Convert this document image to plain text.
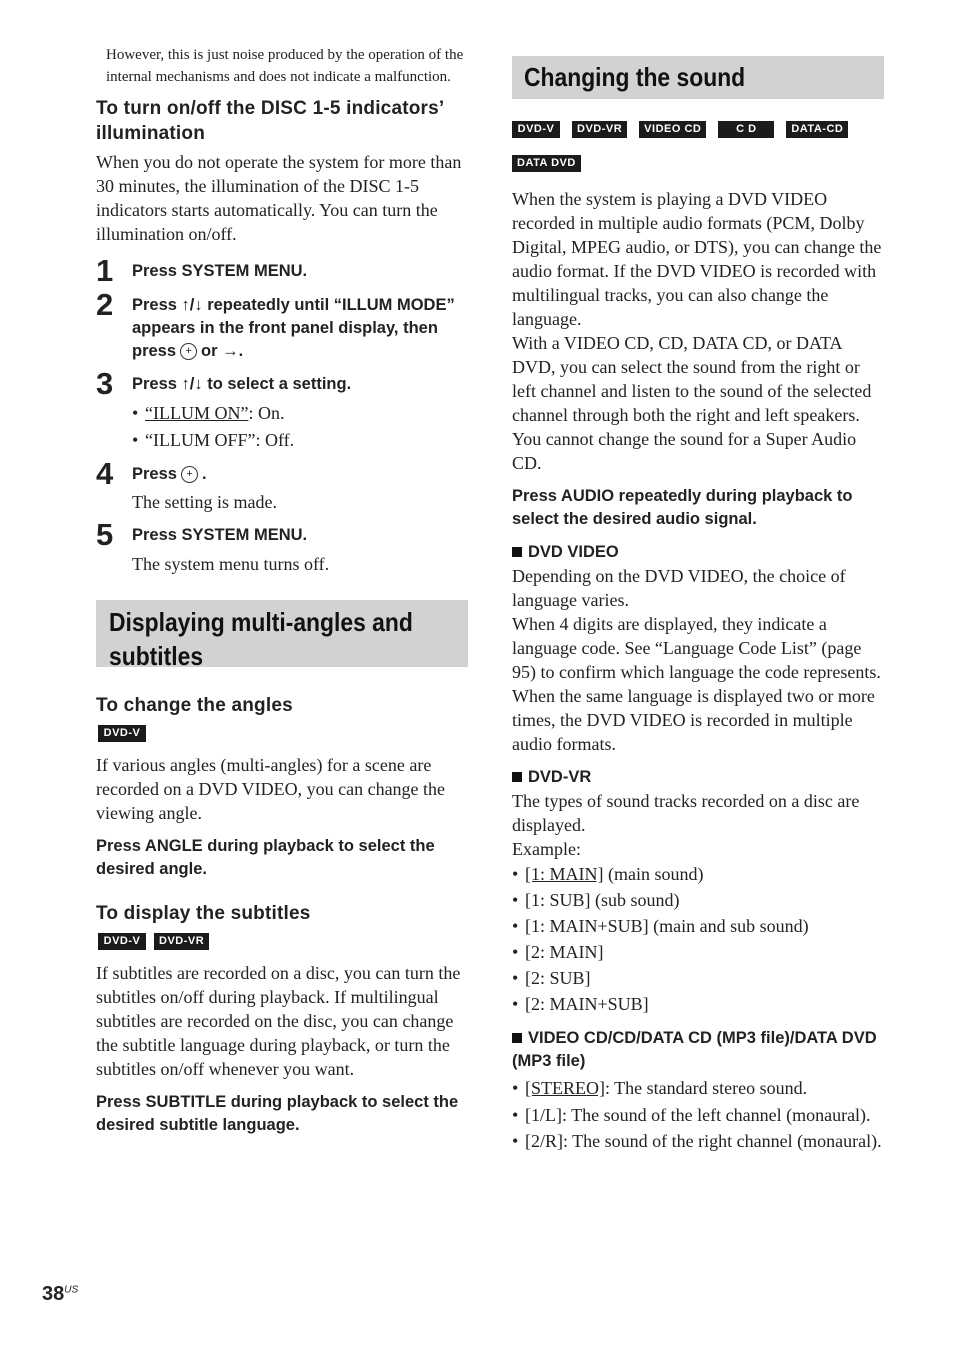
However, this is just noise produced by the operation of the internal mechanisms and does not indicate a malfunction.
To turn on/off the DISC 1-5 indicators’ illumination
When you do not operate the system for more than 30 minutes, the illumination of the DISC 1-5 indicators starts automatically. You can turn the illumination on/off.
1 Press SYSTEM MENU.
2 Press ↑/↓ repeatedly until “ILLUM MODE” appears in the front panel display, then press + or →.
3 Press ↑/↓ to select a setting.
• “ILLUM ON”: On.
• “ILLUM OFF”: Off.
4 Press + .
The setting is made.
5 Press SYSTEM MENU.
The system menu turns off.
Displaying multi-angles and subtitles
To change the angles
DVD-V
If various angles (multi-angles) for a scene are recorded on a DVD VIDEO, you can change the viewing angle.
Press ANGLE during playback to select the desired angle.
To display the subtitles
DVD-V DVD-VR
If subtitles are recorded on a disc, you can turn the subtitles on/off during playback. If multilingual subtitles are recorded on the disc, you can change the subtitle language during playback, or turn the subtitles on/off whenever you want.
Press SUBTITLE during playback to select the desired subtitle language.
Changing the sound
DVD-V DVD-VR VIDEO CD	C D	DATA-CD
DATA DVD
When the system is playing a DVD VIDEO recorded in multiple audio formats (PCM, Dolby Digital, MPEG audio, or DTS), you can change the audio format. If the DVD VIDEO is recorded with multilingual tracks, you can also change the language.
With a VIDEO CD, CD, DATA CD, or DATA DVD, you can select the sound from the right or left channel and listen to the sound of the selected channel through both the right and left speakers.
You cannot change the sound for a Super Audio CD.
Press AUDIO repeatedly during playback to select the desired audio signal.
DVD VIDEO
Depending on the DVD VIDEO, the choice of language varies.
When 4 digits are displayed, they indicate a language code. See “Language Code List” (page 95) to confirm which language the code represents. When the same language is displayed two or more times, the DVD VIDEO is recorded in multiple audio formats.
DVD-VR
The types of sound tracks recorded on a disc are displayed.
Example:
• [1: MAIN] (main sound)
• [1: SUB] (sub sound)
• [1: MAIN+SUB] (main and sub sound)
• [2: MAIN]
• [2: SUB]
• [2: MAIN+SUB]
VIDEO CD/CD/DATA CD (MP3 file)/DATA DVD (MP3 file)
• [STEREO]: The standard stereo sound.
• [1/L]: The sound of the left channel (monaural).
• [2/R]: The sound of the right channel (monaural).
$38^{US}$
